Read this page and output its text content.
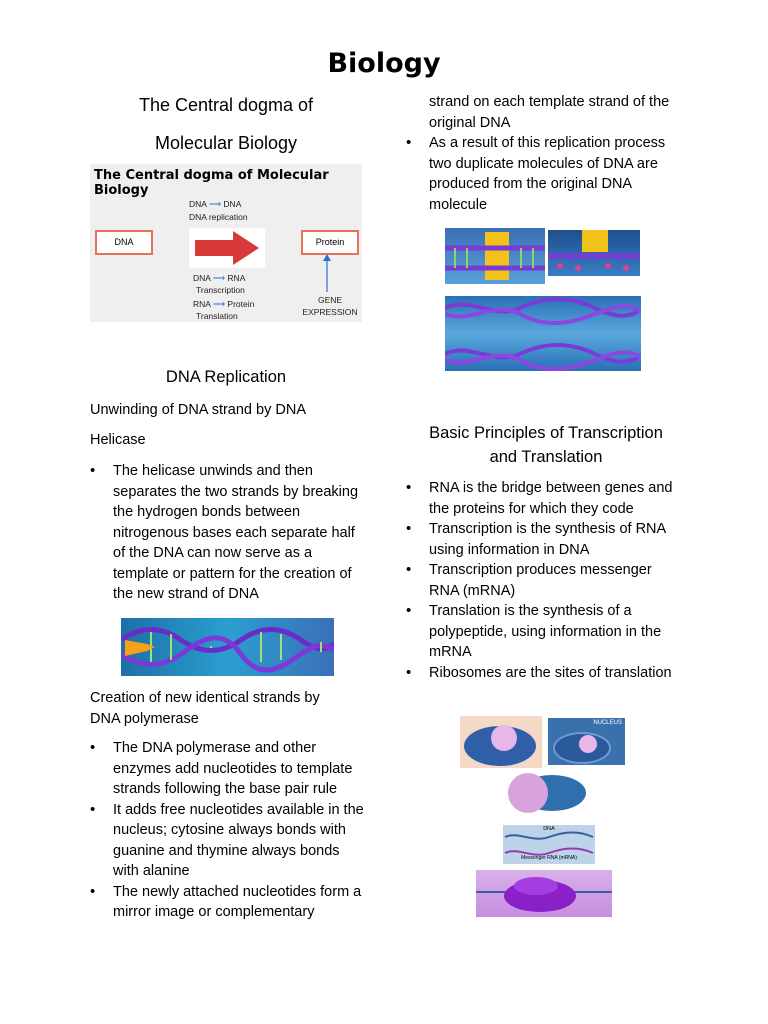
Biology
The Central dogma of
Molecular Biology
The Central dogma of Molecular Biology
DNA	Protein
DNA ⟶ DNA
DNA replication
DNA ⟶ RNA
Transcription
RNA ⟶ Protein
Translation
GENE
EXPRESSION
DNA Replication
Unwinding of DNA strand by DNA
Helicase
• The helicase unwinds and then separates the two strands by breaking the hydrogen bonds between nitrogenous bases each separate half of the DNA can now serve as a template or pattern for the creation of the new strand of DNA
Creation of new identical strands by DNA polymerase
• The DNA polymerase and other enzymes add nucleotides to template strands following the base pair rule
• It adds free nucleotides available in the nucleus; cytosine always bonds with guanine and thymine always bonds with alanine
• The newly attached nucleotides form a mirror image or complementary
strand on each template strand of the original DNA
• As a result of this replication process two duplicate molecules of DNA are produced from the original DNA molecule
Basic Principles of Transcription
and Translation
• RNA is the bridge between genes and the proteins for which they code
• Transcription is the synthesis of RNA using information in DNA
• Transcription produces messenger RNA (mRNA)
• Translation is the synthesis of a polypeptide, using information in the mRNA
• Ribosomes are the sites of translation
NUCLEUS
DNA
Messenger RNA (mRNA)
